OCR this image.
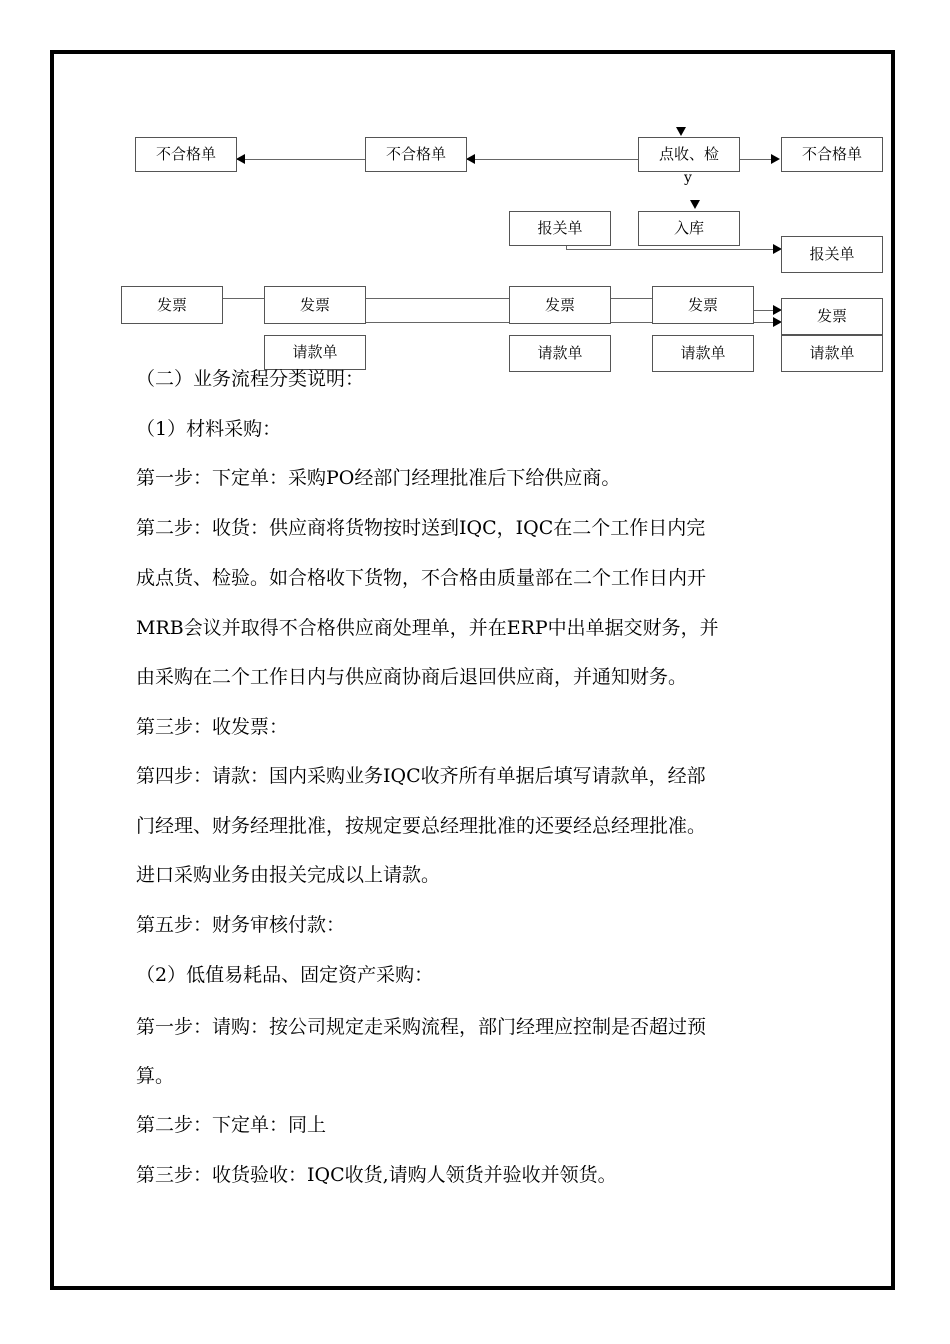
不合格单	不合格单	点收、检
y
不合格单
报关单	入库
报关单
发票	发票	发票	发票
发票
请款单	请款单	请款单	请款单
（二）业务流程分类说明：
（1）材料采购：
第一步：下定单：采购PO经部门经理批准后下给供应商。
第二步：收货：供应商将货物按时送到IQC，IQC在二个工作日内完
成点货、检验。如合格收下货物，不合格由质量部在二个工作日内开
MRB会议并取得不合格供应商处理单，并在ERP中出单据交财务，并
由采购在二个工作日内与供应商协商后退回供应商，并通知财务。
第三步：收发票：
第四步：请款：国内采购业务IQC收齐所有单据后填写请款单，经部
门经理、财务经理批准，按规定要总经理批准的还要经总经理批准。
进口采购业务由报关完成以上请款。
第五步：财务审核付款：
（2）低值易耗品、固定资产采购：
第一步：请购：按公司规定走采购流程，部门经理应控制是否超过预
算。
第二步：下定单：同上
第三步：收货验收：IQC收货,请购人领货并验收并领货。
